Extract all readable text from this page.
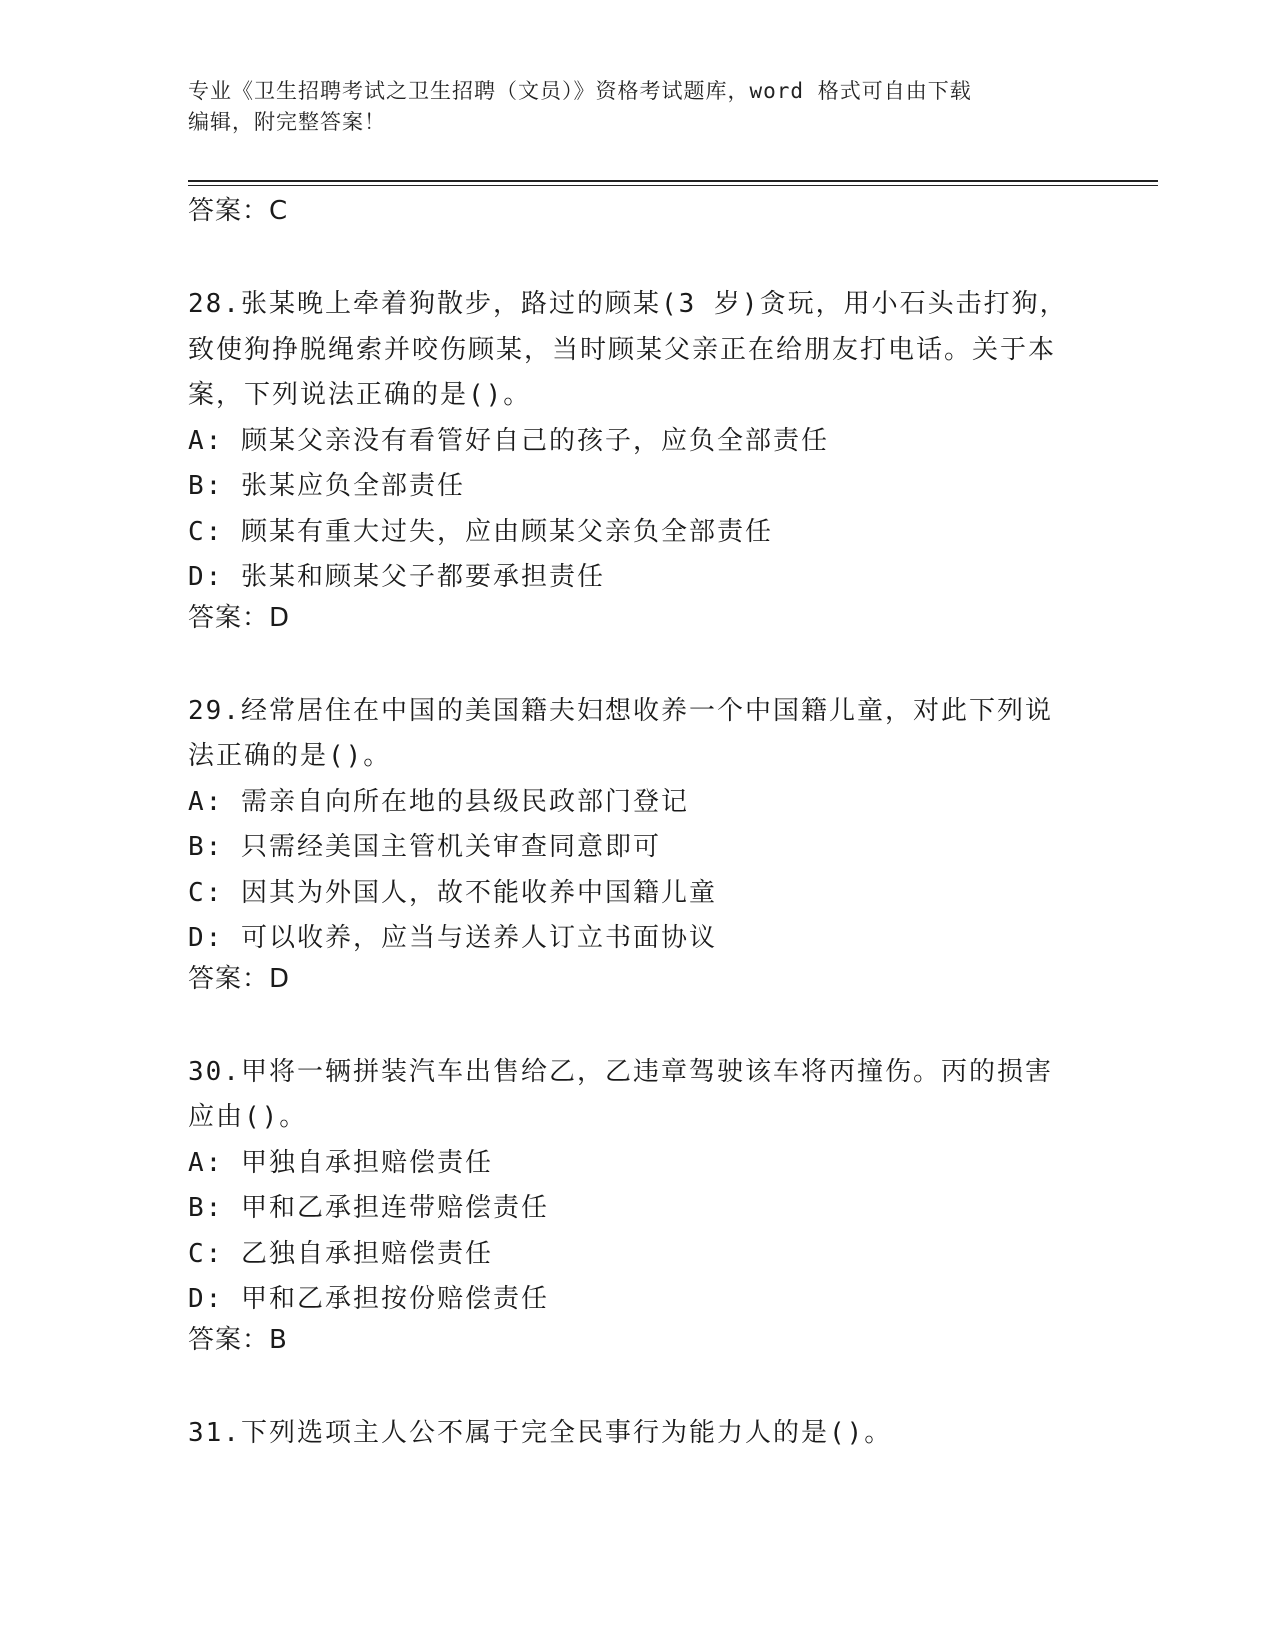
专业《卫生招聘考试之卫生招聘（文员）》资格考试题库，word 格式可自由下载
编辑，附完整答案！
答案：C
28.张某晚上牵着狗散步，路过的顾某(3 岁)贪玩，用小石头击打狗，致使狗挣脱绳索并咬伤顾某，当时顾某父亲正在给朋友打电话。关于本案，下列说法正确的是()。
A: 顾某父亲没有看管好自己的孩子，应负全部责任
B: 张某应负全部责任
C: 顾某有重大过失，应由顾某父亲负全部责任
D: 张某和顾某父子都要承担责任
答案：D
29.经常居住在中国的美国籍夫妇想收养一个中国籍儿童，对此下列说法正确的是()。
A: 需亲自向所在地的县级民政部门登记
B: 只需经美国主管机关审查同意即可
C: 因其为外国人，故不能收养中国籍儿童
D: 可以收养，应当与送养人订立书面协议
答案：D
30.甲将一辆拼装汽车出售给乙，乙违章驾驶该车将丙撞伤。丙的损害应由()。
A: 甲独自承担赔偿责任
B: 甲和乙承担连带赔偿责任
C: 乙独自承担赔偿责任
D: 甲和乙承担按份赔偿责任
答案：B
31.下列选项主人公不属于完全民事行为能力人的是()。
